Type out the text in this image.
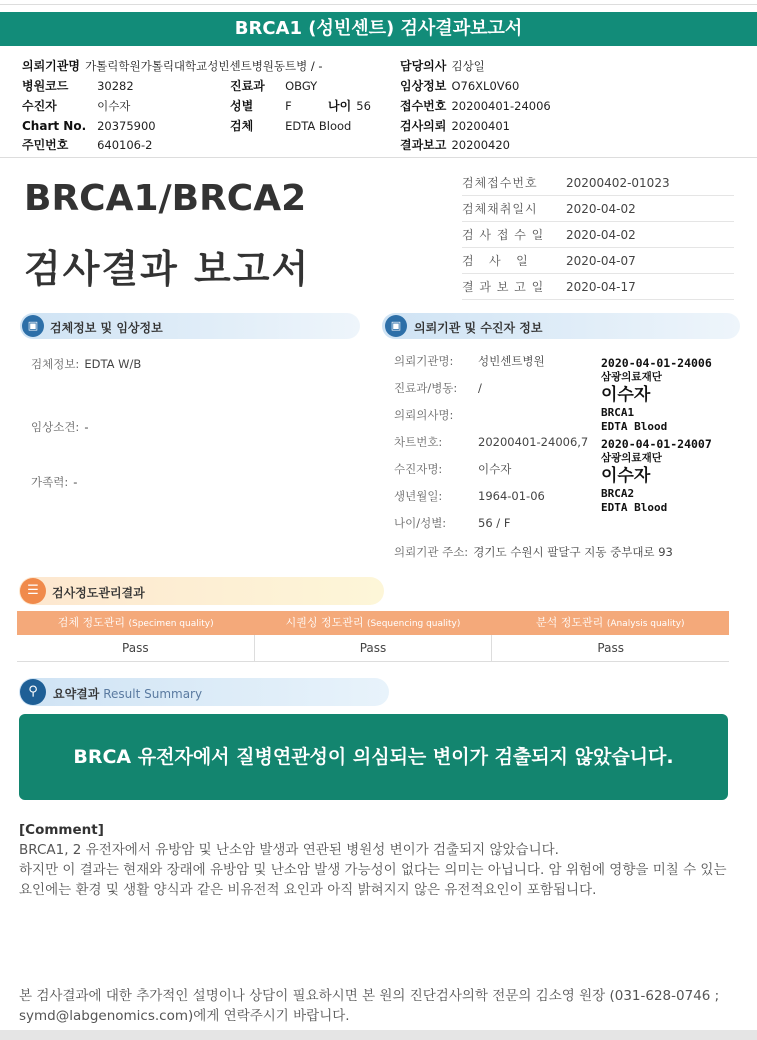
BRCA1 (성빈센트) 검사결과보고서
의뢰기관명 가톨릭학원가톨릭대학교성빈센트병원동트병 / -	담당의사 김상일
병원코드 30282	진료과 OBGY	임상정보 O76XL0V60
수진자	이수자	성별	F	나이 56 접수번호 20200401-24006
Chart No. 20375900	검체	EDTA Blood	검사의뢰 20200401
주민번호 640106-2	결과보고 20200420
BRCA1/BRCA2
검사결과 보고서
검체접수번호	20200402-01023
검체채취일시	2020-04-02
검 사 접 수 일	2020-04-02
검   사   일	2020-04-07
결 과 보 고 일	2020-04-17
▣ 검체정보 및 임상정보	▣	의뢰기관 및 수진자 정보
검체정보: EDTA W/B
임상소견: -
가족력: -
의뢰기관명: 성빈센트병원
진료과/병동: /
의뢰의사명:
차트번호:	20200401-24006,7
수진자명:	이수자
생년월일:	1964-01-06
나이/성별:	56 / F
의뢰기관 주소: 경기도 수원시 팔달구 지동 중부대로 93
2020-04-01-24006
삼광의료재단
이수자
BRCA1
EDTA Blood
2020-04-01-24007
삼광의료재단
이수자
BRCA2
EDTA Blood
☰	검사정도관리결과
검체 정도관리 (Specimen quality)	시퀀싱 정도관리 (Sequencing quality)	분석 정도관리 (Analysis quality)
Pass	Pass	Pass
⚲	요약결과 Result Summary
BRCA 유전자에서 질병연관성이 의심되는 변이가 검출되지 않았습니다.
[Comment]
BRCA1, 2 유전자에서 유방암 및 난소암 발생과 연관된 병원성 변이가 검출되지 않았습니다.
하지만 이 결과는 현재와 장래에 유방암 및 난소암 발생 가능성이 없다는 의미는 아닙니다. 암 위험에 영향을 미칠 수 있는 요인에는 환경 및 생활 양식과 같은 비유전적 요인과 아직 밝혀지지 않은 유전적요인이 포함됩니다.
본 검사결과에 대한 추가적인 설명이나 상담이 필요하시면 본 원의 진단검사의학 전문의 김소영 원장 (031-628-0746 ; symd@labgenomics.com)에게 연락주시기 바랍니다.
